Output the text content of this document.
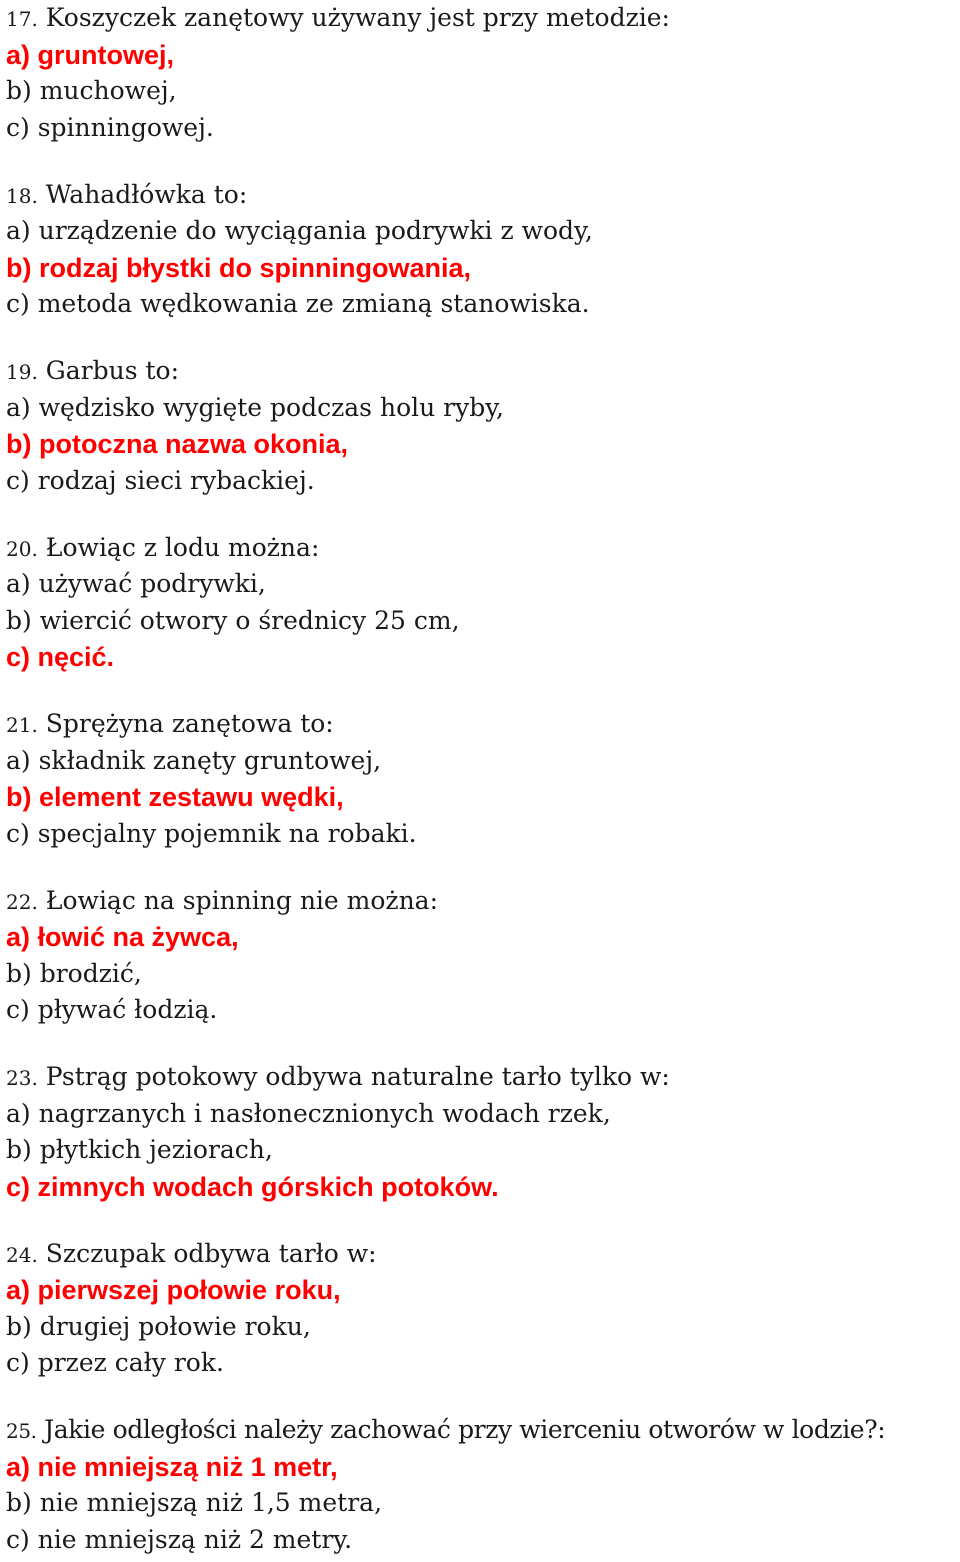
17. Koszyczek zanętowy używany jest przy metodzie:
a) gruntowej,
b) muchowej,
c) spinningowej.
18. Wahadłówka to:
a) urządzenie do wyciągania podrywki z wody,
b) rodzaj błystki do spinningowania,
c) metoda wędkowania ze zmianą stanowiska.
19. Garbus to:
a) wędzisko wygięte podczas holu ryby,
b) potoczna nazwa okonia,
c) rodzaj sieci rybackiej.
20. Łowiąc z lodu można:
a) używać podrywki,
b) wiercić otwory o średnicy 25 cm,
c) nęcić.
21. Sprężyna zanętowa to:
a) składnik zanęty gruntowej,
b) element zestawu wędki,
c) specjalny pojemnik na robaki.
22. Łowiąc na spinning nie można:
a) łowić na żywca,
b) brodzić,
c) pływać łodzią.
23. Pstrąg potokowy odbywa naturalne tarło tylko w:
a) nagrzanych i nasłonecznionych wodach rzek,
b) płytkich jeziorach,
c) zimnych wodach górskich potoków.
24. Szczupak odbywa tarło w:
a) pierwszej połowie roku,
b) drugiej połowie roku,
c) przez cały rok.
25. Jakie odległości należy zachować przy wierceniu otworów w lodzie?:
a) nie mniejszą niż 1 metr,
b) nie mniejszą niż 1,5 metra,
c) nie mniejszą niż 2 metry.
